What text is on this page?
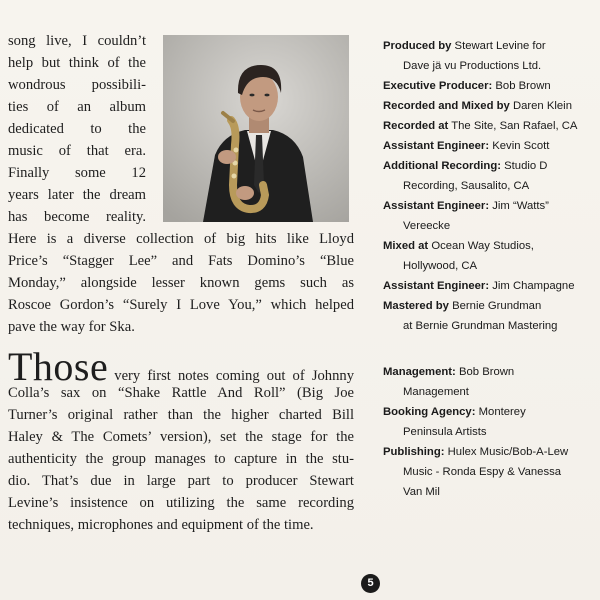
song live, I couldn’t
help but think of the
wondrous possibili-
ties of an album
dedicated to the
music of that era.
Finally some 12
years later the dream
has become reality.
Here is a diverse collection of big hits like Lloyd
Price’s “Stagger Lee” and Fats Domino’s “Blue
Monday,” alongside lesser known gems such as
Roscoe Gordon’s “Surely I Love You,” which helped
pave the way for Ska.
Those very first notes coming out of Johnny
Colla’s sax on “Shake Rattle And Roll” (Big Joe
Turner’s original rather than the higher charted Bill
Haley & The Comets’ version), set the stage for the
authenticity the group manages to capture in the stu-
dio. That’s due in large part to producer Stewart
Levine’s insistence on utilizing the same recording
techniques, microphones and equipment of the time.
Produced by Stewart Levine for
Dave jä vu Productions Ltd.
Executive Producer: Bob Brown
Recorded and Mixed by Daren Klein
Recorded at The Site, San Rafael, CA
Assistant Engineer: Kevin Scott
Additional Recording: Studio D
Recording, Sausalito, CA
Assistant Engineer: Jim “Watts”
Vereecke
Mixed at Ocean Way Studios,
Hollywood, CA
Assistant Engineer: Jim Champagne
Mastered by Bernie Grundman
at Bernie Grundman Mastering
Management: Bob Brown
Management
Booking Agency: Monterey
Peninsula Artists
Publishing: Hulex Music/Bob-A-Lew
Music - Ronda Espy & Vanessa
Van Mil
5
